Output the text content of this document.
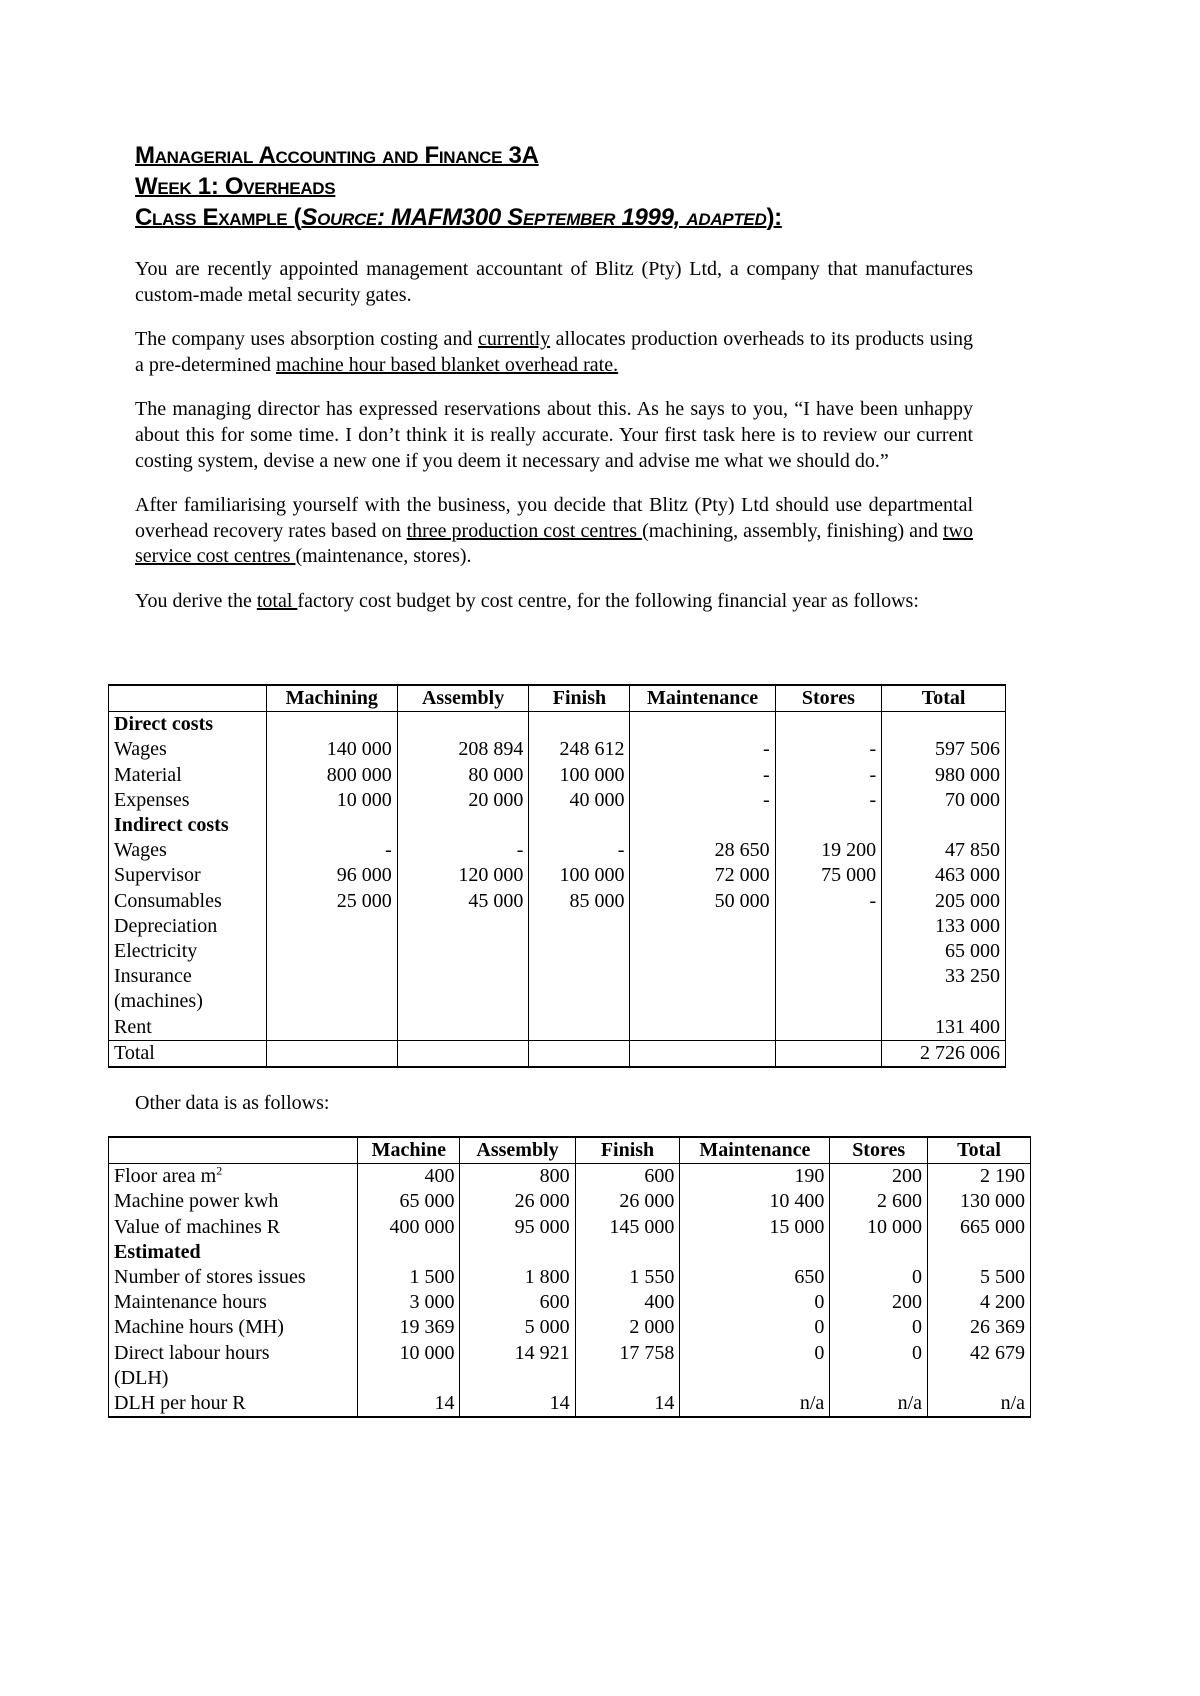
Managerial Accounting and Finance 3A
Week 1: Overheads
Class Example (Source: MAFM300 September 1999, adapted):

You are recently appointed management accountant of Blitz (Pty) Ltd, a company that manufactures custom-made metal security gates.

The company uses absorption costing and currently allocates production overheads to its products using a pre-determined machine hour based blanket overhead rate.

The managing director has expressed reservations about this. As he says to you, “I have been unhappy about this for some time. I don’t think it is really accurate. Your first task here is to review our current costing system, devise a new one if you deem it necessary and advise me what we should do.”

After familiarising yourself with the business, you decide that Blitz (Pty) Ltd should use departmental overhead recovery rates based on three production cost centres (machining, assembly, finishing) and two service cost centres (maintenance, stores).

You derive the total factory cost budget by cost centre, for the following financial year as follows:

	Machining	Assembly	Finish	Maintenance	Stores	Total
Direct costs						
Wages	140 000	208 894	248 612	-	-	597 506
Material	800 000	80 000	100 000	-	-	980 000
Expenses	10 000	20 000	40 000	-	-	70 000
Indirect costs						
Wages	-	-	-	28 650	19 200	47 850
Supervisor	96 000	120 000	100 000	72 000	75 000	463 000
Consumables	25 000	45 000	85 000	50 000	-	205 000
Depreciation						133 000
Electricity						65 000
Insurance						33 250
(machines)						
Rent						131 400
Total						2 726 006
Other data is as follows:
	Machine	Assembly	Finish	Maintenance	Stores	Total
Floor area $m^2$	400	800	600	190	200	2 190
Machine power kwh	65 000	26 000	26 000	10 400	2 600	130 000
Value of machines R	400 000	95 000	145 000	15 000	10 000	665 000
Estimated						
Number of stores issues	1 500	1 800	1 550	650	0	5 500
Maintenance hours	3 000	600	400	0	200	4 200
Machine hours (MH)	19 369	5 000	2 000	0	0	26 369
Direct labour hours	10 000	14 921	17 758	0	0	42 679
(DLH)						
DLH per hour R	14	14	14	n/a	n/a	n/a
